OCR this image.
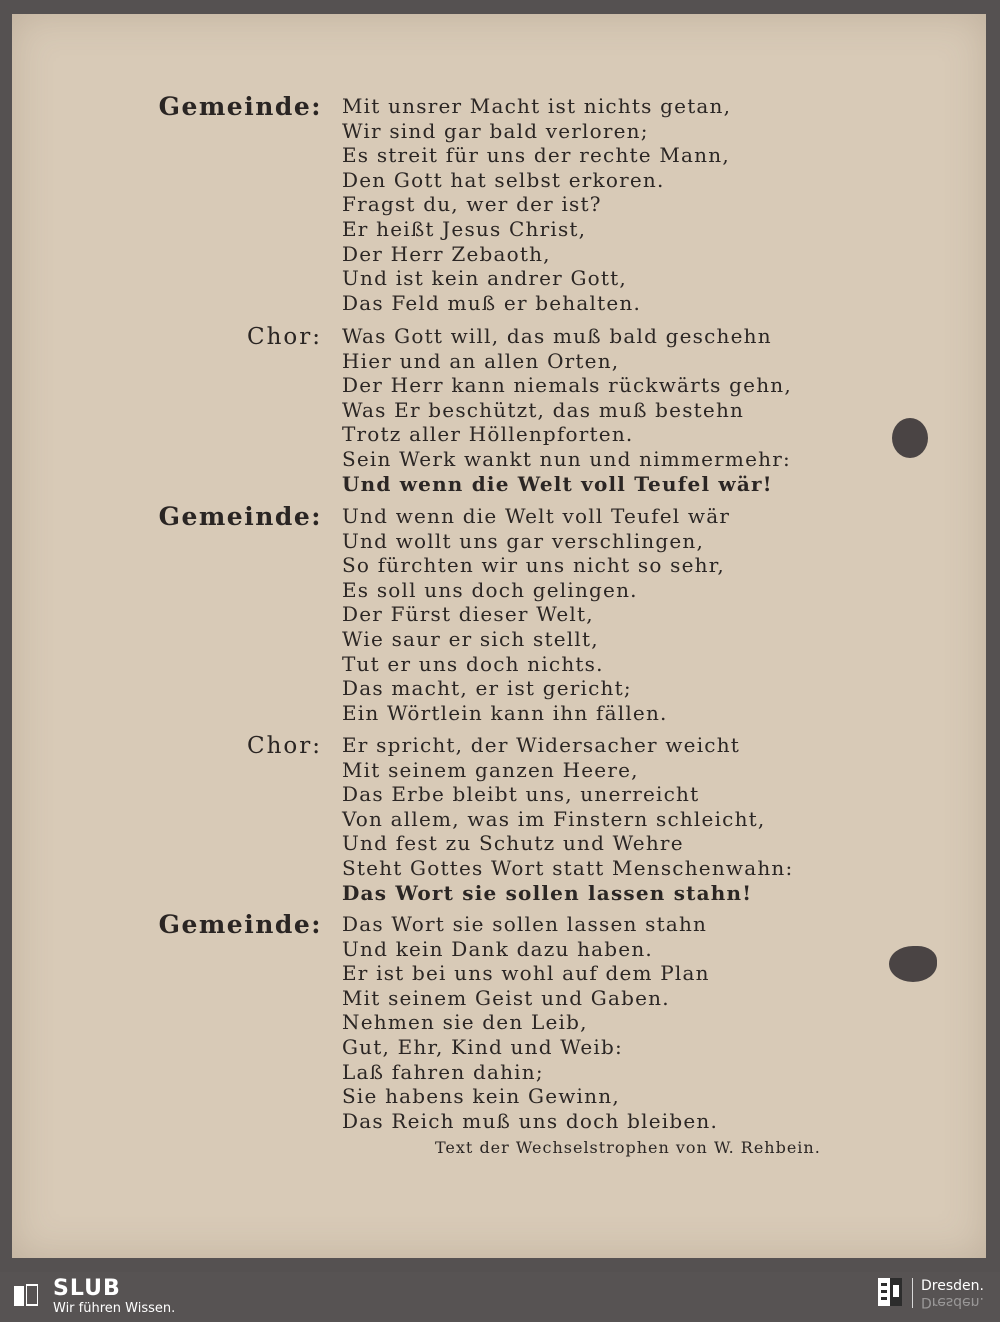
Gemeinde: Mit unsrer Macht ist nichts getan,
Wir sind gar bald verloren;
Es streit für uns der rechte Mann,
Den Gott hat selbst erkoren.
Fragst du, wer der ist?
Er heißt Jesus Christ,
Der Herr Zebaoth,
Und ist kein andrer Gott,
Das Feld muß er behalten.
Chor: Was Gott will, das muß bald geschehn
Hier und an allen Orten,
Der Herr kann niemals rückwärts gehn,
Was Er beschützt, das muß bestehn
Trotz aller Höllenpforten.
Sein Werk wankt nun und nimmermehr:
Und wenn die Welt voll Teufel wär!
Gemeinde: Und wenn die Welt voll Teufel wär
Und wollt uns gar verschlingen,
So fürchten wir uns nicht so sehr,
Es soll uns doch gelingen.
Der Fürst dieser Welt,
Wie saur er sich stellt,
Tut er uns doch nichts.
Das macht, er ist gericht;
Ein Wörtlein kann ihn fällen.
Chor: Er spricht, der Widersacher weicht
Mit seinem ganzen Heere,
Das Erbe bleibt uns, unerreicht
Von allem, was im Finstern schleicht,
Und fest zu Schutz und Wehre
Steht Gottes Wort statt Menschenwahn:
Das Wort sie sollen lassen stahn!
Gemeinde: Das Wort sie sollen lassen stahn
Und kein Dank dazu haben.
Er ist bei uns wohl auf dem Plan
Mit seinem Geist und Gaben.
Nehmen sie den Leib,
Gut, Ehr, Kind und Weib:
Laß fahren dahin;
Sie habens kein Gewinn,
Das Reich muß uns doch bleiben.
Text der Wechselstrophen von W. Rehbein.
SLUB
Wir führen Wissen.
Dresden.
Dresden.
